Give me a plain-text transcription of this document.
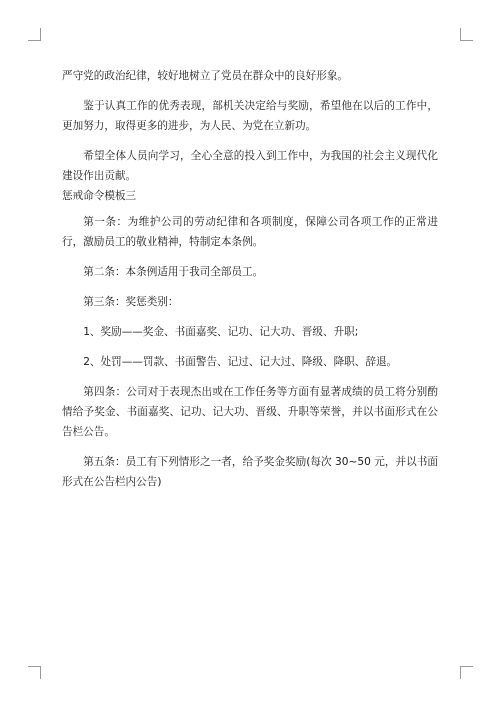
严守党的政治纪律，较好地树立了党员在群众中的良好形象。

鉴于认真工作的优秀表现，部机关决定给与奖励，希望他在以后的工作中，更加努力，取得更多的进步，为人民、为党在立新功。

希望全体人员向学习，全心全意的投入到工作中，为我国的社会主义现代化建设作出贡献。

惩戒命令模板三

第一条：为维护公司的劳动纪律和各项制度，保障公司各项工作的正常进行，激励员工的敬业精神，特制定本条例。

第二条：本条例适用于我司全部员工。

第三条：奖惩类别：

1、奖励——奖金、书面嘉奖、记功、记大功、晋级、升职;

2、处罚——罚款、书面警告、记过、记大过、降级、降职、辞退。

第四条：公司对于表现杰出或在工作任务等方面有显著成绩的员工将分别酌情给予奖金、书面嘉奖、记功、记大功、晋级、升职等荣誉，并以书面形式在公告栏公告。

第五条：员工有下列情形之一者，给予奖金奖励(每次 30~50 元，并以书面形式在公告栏内公告)
